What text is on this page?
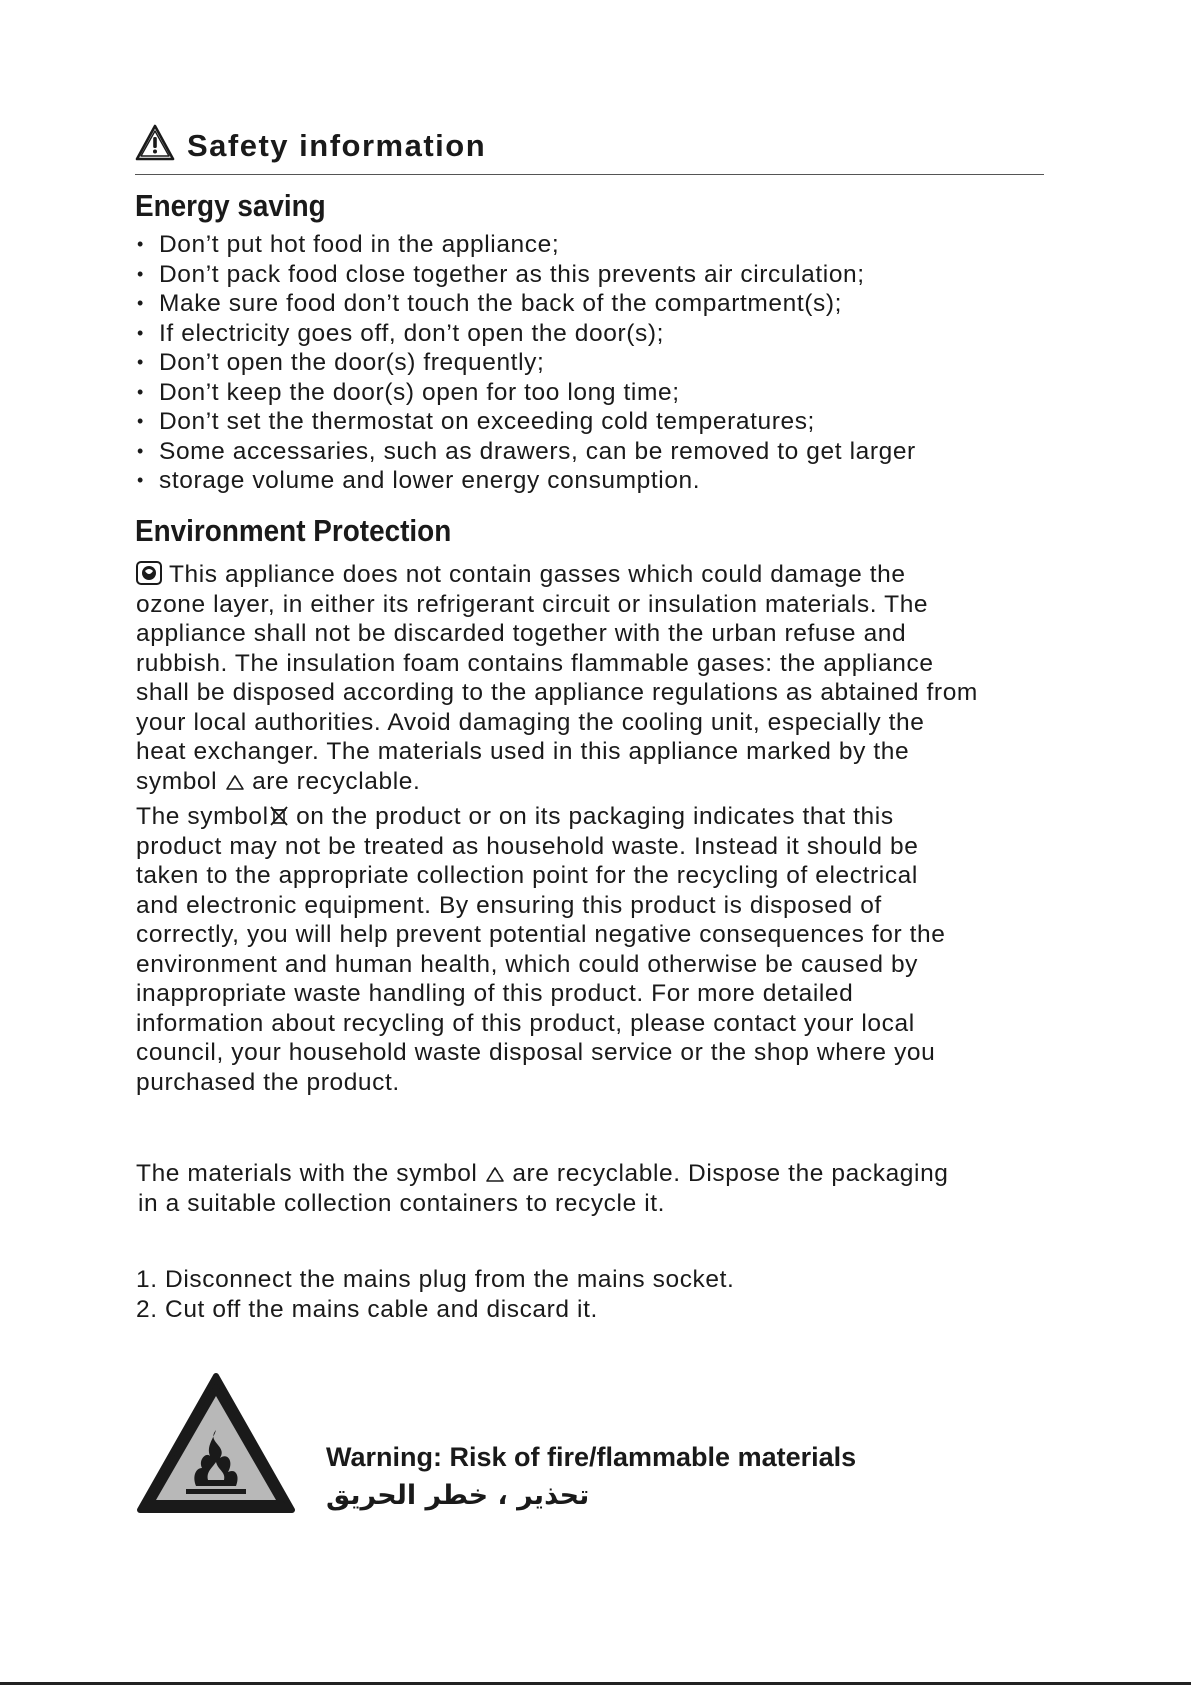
Safety information
Energy saving
• Don’t put hot food in the appliance;
• Don’t pack food close together as this prevents air circulation;
• Make sure food don’t touch the back of the compartment(s);
• If electricity goes off, don’t open the door(s);
• Don’t open the door(s) frequently;
• Don’t keep the door(s) open for too long time;
• Don’t set the thermostat on exceeding cold temperatures;
• Some accessaries, such as drawers, can be removed to get larger
• storage volume and lower energy consumption.
Environment Protection

This appliance does not contain gasses which could damage the

ozone layer, in either its refrigerant circuit or insulation materials. The

appliance shall not be discarded together with the urban refuse and

rubbish. The insulation foam contains flammable gases: the appliance

shall be disposed according to the appliance regulations as abtained from

your local authorities. Avoid damaging the cooling unit, especially the

heat exchanger. The materials used in this appliance marked by the

symbol are recyclable.

The symbol on the product or on its packaging indicates that this

product may not be treated as household waste. Instead it should be

taken to the appropriate collection point for the recycling of electrical

and electronic equipment. By ensuring this product is disposed of

correctly, you will help prevent potential negative consequences for the

environment and human health, which could otherwise be caused by

inappropriate waste handling of this product. For more detailed

information about recycling of this product, please contact your local

council, your household waste disposal service or the shop where you

purchased the product.

The materials with the symbol are recyclable. Dispose the packaging

in a suitable collection containers to recycle it.

1. Disconnect the mains plug from the mains socket.
2. Cut off the mains cable and discard it.
Warning: Risk of fire/flammable materials
تحذير ، خطر الحريق
